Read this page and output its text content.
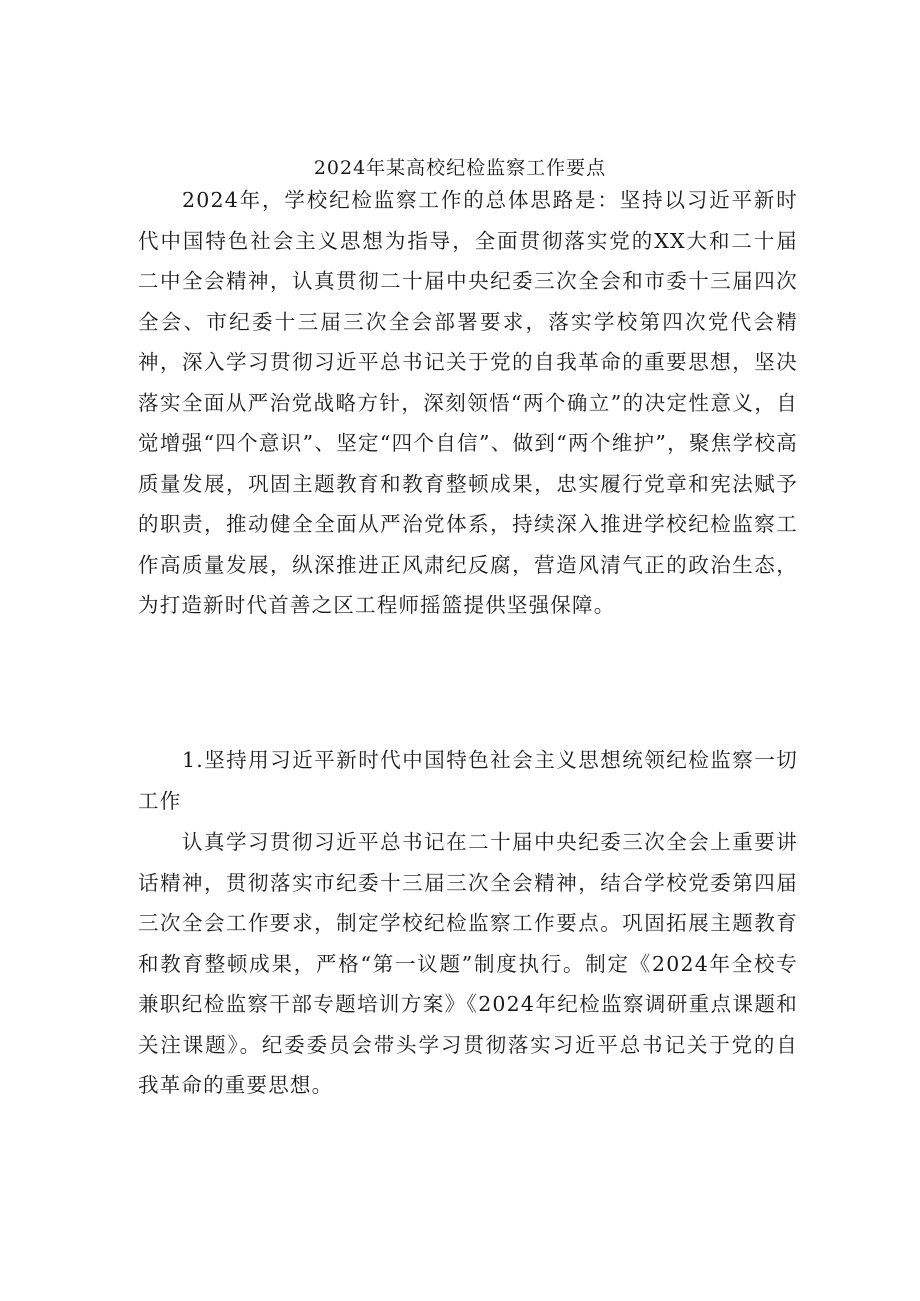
2024年某高校纪检监察工作要点

2024年，学校纪检监察工作的总体思路是：坚持以习近平新时代中国特色社会主义思想为指导，全面贯彻落实党的XX大和二十届二中全会精神，认真贯彻二十届中央纪委三次全会和市委十三届四次全会、市纪委十三届三次全会部署要求，落实学校第四次党代会精神，深入学习贯彻习近平总书记关于党的自我革命的重要思想，坚决落实全面从严治党战略方针，深刻领悟“两个确立”的决定性意义，自觉增强“四个意识”、坚定“四个自信”、做到“两个维护”，聚焦学校高质量发展，巩固主题教育和教育整顿成果，忠实履行党章和宪法赋予的职责，推动健全全面从严治党体系，持续深入推进学校纪检监察工作高质量发展，纵深推进正风肃纪反腐，营造风清气正的政治生态，为打造新时代首善之区工程师摇篮提供坚强保障。

1.坚持用习近平新时代中国特色社会主义思想统领纪检监察一切工作

认真学习贯彻习近平总书记在二十届中央纪委三次全会上重要讲话精神，贯彻落实市纪委十三届三次全会精神，结合学校党委第四届三次全会工作要求，制定学校纪检监察工作要点。巩固拓展主题教育和教育整顿成果，严格“第一议题”制度执行。制定《2024年全校专兼职纪检监察干部专题培训方案》《2024年纪检监察调研重点课题和关注课题》。纪委委员会带头学习贯彻落实习近平总书记关于党的自我革命的重要思想。
